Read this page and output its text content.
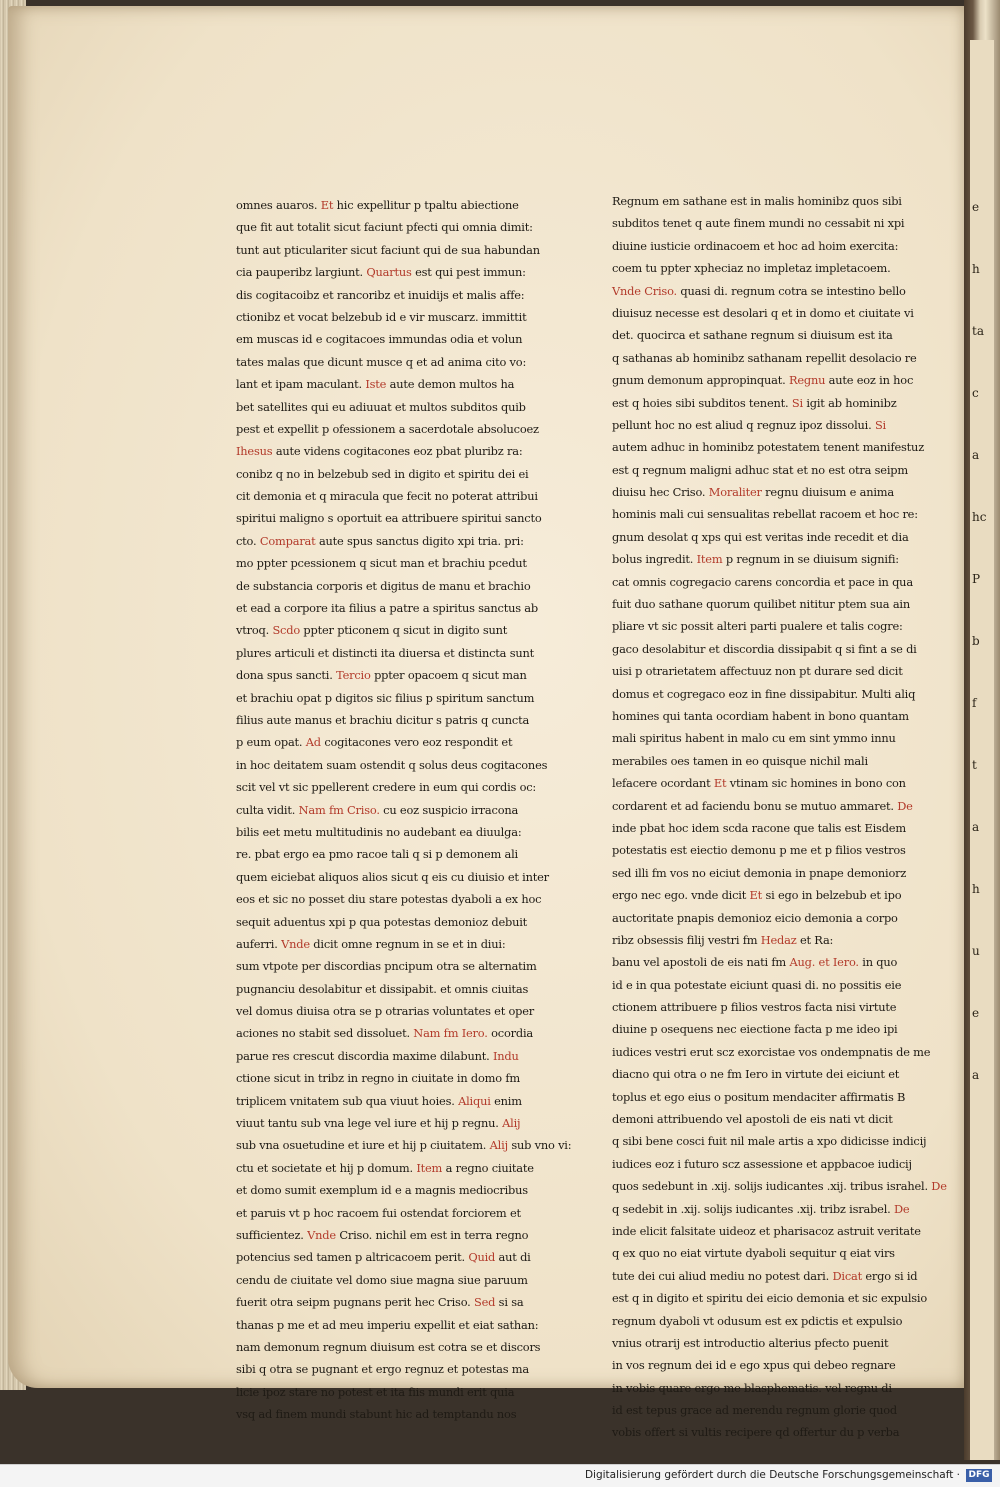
omnes auaros. Et hic expellitur p tpaltu abiectione
que fit aut totalit sicut faciunt pfecti qui omnia dimit:
tunt aut pticulariter sicut faciunt qui de sua habundan
cia pauperibz largiunt. Quartus est qui pest immun:
dis cogitacoibz et rancoribz et inuidijs et malis affe:
ctionibz et vocat belzebub id e vir muscarz. immittit
em muscas id e cogitacoes immundas odia et volun
tates malas que dicunt musce q et ad anima cito vo:
lant et ipam maculant. Iste aute demon multos ha
bet satellites qui eu adiuuat et multos subditos quib
pest et expellit p ofessionem a sacerdotale absolucoez
Ihesus aute videns cogitacones eoz pbat pluribz ra:
conibz q no in belzebub sed in digito et spiritu dei ei
cit demonia et q miracula que fecit no poterat attribui
spiritui maligno s oportuit ea attribuere spiritui sancto
cto. Comparat aute spus sanctus digito xpi tria. pri:
mo ppter pcessionem q sicut man et brachiu pcedut
de substancia corporis et digitus de manu et brachio
et ead a corpore ita filius a patre a spiritus sanctus ab
vtroq. Scdo ppter pticonem q sicut in digito sunt
plures articuli et distincti ita diuersa et distincta sunt
dona spus sancti. Tercio ppter opacoem q sicut man
et brachiu opat p digitos sic filius p spiritum sanctum
filius aute manus et brachiu dicitur s patris q cuncta
p eum opat. Ad cogitacones vero eoz respondit et
in hoc deitatem suam ostendit q solus deus cogitacones
scit vel vt sic ppellerent credere in eum qui cordis oc:
culta vidit. Nam fm Criso. cu eoz suspicio irracona
bilis eet metu multitudinis no audebant ea diuulga:
re. pbat ergo ea pmo racoe tali q si p demonem ali
quem eiciebat aliquos alios sicut q eis cu diuisio et inter
eos et sic no posset diu stare potestas dyaboli a ex hoc
sequit aduentus xpi p qua potestas demonioz debuit
auferri. Vnde dicit omne regnum in se et in diui:
sum vtpote per discordias pncipum otra se alternatim
pugnanciu desolabitur et dissipabit. et omnis ciuitas
vel domus diuisa otra se p otrarias voluntates et oper
aciones no stabit sed dissoluet. Nam fm Iero. ocordia
parue res crescut discordia maxime dilabunt. Indu
ctione sicut in tribz in regno in ciuitate in domo fm
triplicem vnitatem sub qua viuut hoies. Aliqui enim
viuut tantu sub vna lege vel iure et hij p regnu. Alij
sub vna osuetudine et iure et hij p ciuitatem. Alij sub vno vi:
ctu et societate et hij p domum. Item a regno ciuitate
et domo sumit exemplum id e a magnis mediocribus
et paruis vt p hoc racoem fui ostendat forciorem et
sufficientez. Vnde Criso. nichil em est in terra regno
potencius sed tamen p altricacoem perit. Quid aut di
cendu de ciuitate vel domo siue magna siue paruum
fuerit otra seipm pugnans perit hec Criso. Sed si sa
thanas p me et ad meu imperiu expellit et eiat sathan:
nam demonum regnum diuisum est cotra se et discors
sibi q otra se pugnant et ergo regnuz et potestas ma
licie ipoz stare no potest et ita fiis mundi erit quia
vsq ad finem mundi stabunt hic ad temptandu nos
Regnum em sathane est in malis hominibz quos sibi
subditos tenet q aute finem mundi no cessabit ni xpi
diuine iusticie ordinacoem et hoc ad hoim exercita:
coem tu ppter xpheciaz no impletaz impletacoem.
Vnde Criso. quasi di. regnum cotra se intestino bello
diuisuz necesse est desolari q et in domo et ciuitate vi
det. quocirca et sathane regnum si diuisum est ita
q sathanas ab hominibz sathanam repellit desolacio re
gnum demonum appropinquat. Regnu aute eoz in hoc
est q hoies sibi subditos tenent. Si igit ab hominibz
pellunt hoc no est aliud q regnuz ipoz dissolui. Si
autem adhuc in hominibz potestatem tenent manifestuz
est q regnum maligni adhuc stat et no est otra seipm
diuisu hec Criso. Moraliter regnu diuisum e anima
hominis mali cui sensualitas rebellat racoem et hoc re:
gnum desolat q xps qui est veritas inde recedit et dia
bolus ingredit. Item p regnum in se diuisum signifi:
cat omnis cogregacio carens concordia et pace in qua
fuit duo sathane quorum quilibet nititur ptem sua ain
pliare vt sic possit alteri parti pualere et talis cogre:
gaco desolabitur et discordia dissipabit q si fint a se di
uisi p otrarietatem affectuuz non pt durare sed dicit
domus et cogregaco eoz in fine dissipabitur. Multi aliq
homines qui tanta ocordiam habent in bono quantam
mali spiritus habent in malo cu em sint ymmo innu
merabiles oes tamen in eo quisque nichil mali
lefacere ocordant Et vtinam sic homines in bono con
cordarent et ad faciendu bonu se mutuo ammaret. De
inde pbat hoc idem scda racone que talis est Eisdem
potestatis est eiectio demonu p me et p filios vestros
sed illi fm vos no eiciut demonia in pnape demoniorz
ergo nec ego. vnde dicit Et si ego in belzebub et ipo
auctoritate pnapis demonioz eicio demonia a corpo
ribz obsessis filij vestri fm Hedaz et Ra:
banu vel apostoli de eis nati fm Aug. et Iero. in quo
id e in qua potestate eiciunt quasi di. no possitis eie
ctionem attribuere p filios vestros facta nisi virtute
diuine p osequens nec eiectione facta p me ideo ipi
iudices vestri erut scz exorcistae vos ondempnatis de me
diacno qui otra o ne fm Iero in virtute dei eiciunt et
toplus et ego eius o positum mendaciter affirmatis B
demoni attribuendo vel apostoli de eis nati vt dicit
q sibi bene cosci fuit nil male artis a xpo didicisse indicij
iudices eoz i futuro scz assessione et appbacoe iudicij
quos sedebunt in .xij. solijs iudicantes .xij. tribus israhel. De
q sedebit in .xij. solijs iudicantes .xij. tribz israbel. De
inde elicit falsitate uideoz et pharisacoz astruit veritate
q ex quo no eiat virtute dyaboli sequitur q eiat virs
tute dei cui aliud mediu no potest dari. Dicat ergo si id
est q in digito et spiritu dei eicio demonia et sic expulsio
regnum dyaboli vt odusum est ex pdictis et expulsio
vnius otrarij est introductio alterius pfecto puenit
in vos regnum dei id e ego xpus qui debeo regnare
in vobis quare ergo me blasphematis. vel regnu di
id est tepus grace ad merendu regnum glorie quod
vobis offert si vultis recipere qd offertur du p verba
e
h
ta
c
a
hc
P
b
f
t
a
h
u
e
a
Digitalisierung gefördert durch die Deutsche Forschungsgemeinschaft · DFG
